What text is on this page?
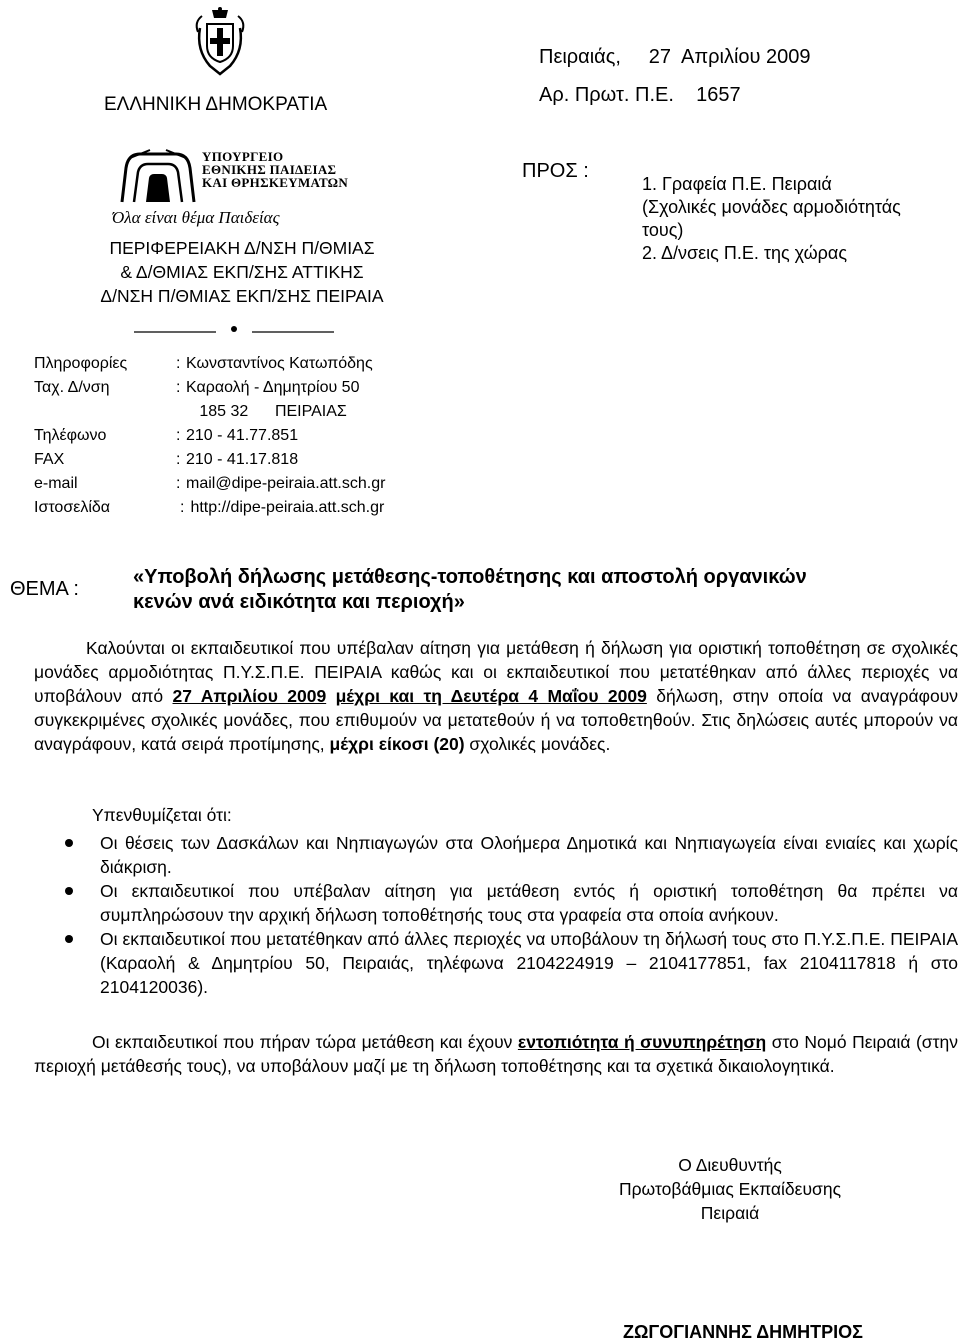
ΕΛΛΗΝΙΚΗ ΔΗΜΟΚΡΑΤΙΑ
Πειραιάς,     27  Απριλίου 2009
Αρ. Πρωτ. Π.Ε.    1657
ΥΠΟΥΡΓΕΙΟ
ΕΘΝΙΚΗΣ ΠΑΙΔΕΙΑΣ
ΚΑΙ ΘΡΗΣΚΕΥΜΑΤΩΝ
Όλα είναι θέμα Παιδείας
ΠΕΡΙΦΕΡΕΙΑΚΗ Δ/ΝΣΗ Π/ΘΜΙΑΣ
& Δ/ΘΜΙΑΣ ΕΚΠ/ΣΗΣ ΑΤΤΙΚΗΣ
Δ/ΝΣΗ Π/ΘΜΙΑΣ ΕΚΠ/ΣΗΣ ΠΕΙΡΑΙΑ
ΠΡΟΣ :
1. Γραφεία Π.Ε. Πειραιά
(Σχολικές μονάδες αρμοδιότητάς
τους)
2. Δ/νσεις Π.Ε. της χώρας
Πληροφορίες	: Κωνσταντίνος Κατωπόδης
Ταχ. Δ/νση	: Καραολή - Δημητρίου 50
185 32      ΠΕΙΡΑΙΑΣ
Τηλέφωνο	: 210 - 41.77.851
FAX	: 210 - 41.17.818
e-mail	: mail@dipe-peiraia.att.sch.gr
Ιστοσελίδα	: http://dipe-peiraia.att.sch.gr
ΘΕΜΑ :
«Υποβολή δήλωσης μετάθεσης-τοποθέτησης και αποστολή οργανικών
κενών ανά ειδικότητα και περιοχή»
Καλούνται οι εκπαιδευτικοί που υπέβαλαν αίτηση για μετάθεση ή δήλωση για οριστική τοποθέτηση σε σχολικές μονάδες αρμοδιότητας Π.Υ.Σ.Π.Ε. ΠΕΙΡΑΙΑ καθώς και οι εκπαιδευτικοί που μετατέθηκαν από άλλες περιοχές να υποβάλουν από 27 Απριλίου 2009 μέχρι και τη Δευτέρα 4 Μαΐου 2009 δήλωση, στην οποία να αναγράφουν συγκεκριμένες σχολικές μονάδες, που επιθυμούν να μετατεθούν ή να τοποθετηθούν. Στις δηλώσεις αυτές μπορούν να αναγράφουν, κατά σειρά προτίμησης, μέχρι είκοσι (20) σχολικές μονάδες.
Υπενθυμίζεται ότι:
Οι θέσεις των Δασκάλων και Νηπιαγωγών στα Ολοήμερα Δημοτικά και Νηπιαγωγεία είναι ενιαίες και χωρίς διάκριση.
Οι εκπαιδευτικοί που υπέβαλαν αίτηση για μετάθεση εντός ή οριστική τοποθέτηση θα πρέπει να συμπληρώσουν την αρχική δήλωση τοποθέτησής τους στα γραφεία στα οποία ανήκουν.
Οι εκπαιδευτικοί που μετατέθηκαν από άλλες περιοχές να υποβάλουν τη δήλωσή τους στο Π.Υ.Σ.Π.Ε. ΠΕΙΡΑΙΑ (Καραολή & Δημητρίου 50, Πειραιάς, τηλέφωνα 2104224919 – 2104177851, fax 2104117818 ή στο 2104120036).
Οι εκπαιδευτικοί που πήραν τώρα μετάθεση και έχουν εντοπιότητα ή συνυπηρέτηση στο Νομό Πειραιά (στην περιοχή μετάθεσής τους), να υποβάλουν μαζί με τη δήλωση τοποθέτησης και τα σχετικά δικαιολογητικά.
Ο Διευθυντής
Πρωτοβάθμιας Εκπαίδευσης
Πειραιά
ΖΩΓΟΓΙΑΝΝΗΣ ΔΗΜΗΤΡΙΟΣ
